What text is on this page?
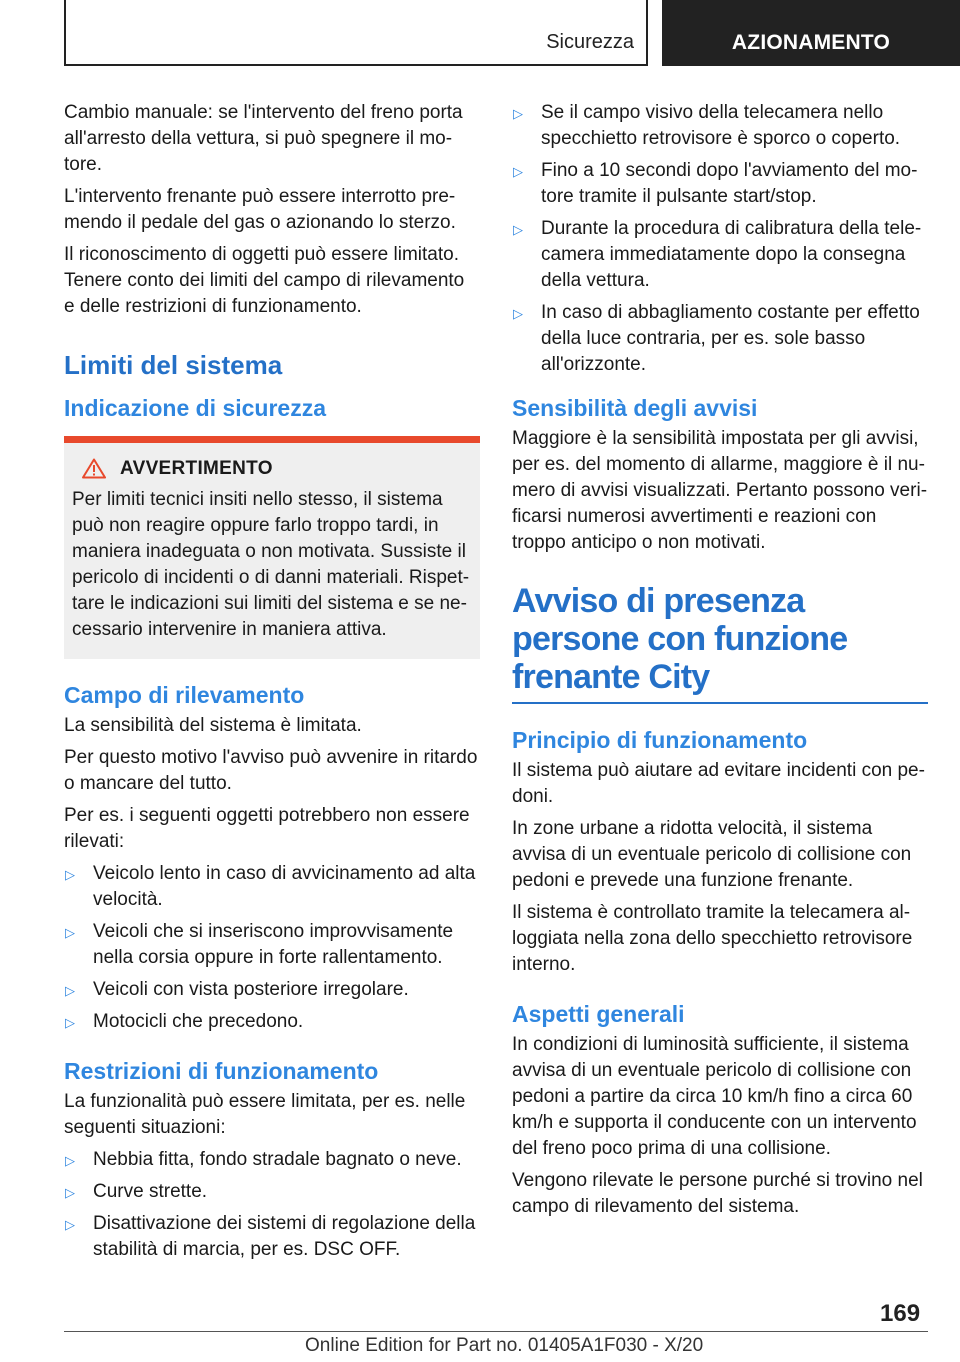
Sicurezza	AZIONAMENTO

Cambio manuale: se l'intervento del freno porta all'arresto della vettura, si può spegnere il motore.

L'intervento frenante può essere interrotto premendo il pedale del gas o azionando lo sterzo.

Il riconoscimento di oggetti può essere limitato. Tenere conto dei limiti del campo di rilevamento e delle restrizioni di funzionamento.

Limiti del sistema
Indicazione di sicurezza
AVVERTIMENTO

Per limiti tecnici insiti nello stesso, il sistema può non reagire oppure farlo troppo tardi, in maniera inadeguata o non motivata. Sussiste il pericolo di incidenti o di danni materiali. Rispettare le indicazioni sui limiti del sistema e se necessario intervenire in maniera attiva.

Campo di rilevamento

La sensibilità del sistema è limitata.

Per questo motivo l'avviso può avvenire in ritardo o mancare del tutto.

Per es. i seguenti oggetti potrebbero non essere rilevati:

▷ Veicolo lento in caso di avvicinamento ad alta velocità.
▷ Veicoli che si inseriscono improvvisamente nella corsia oppure in forte rallentamento.
▷ Veicoli con vista posteriore irregolare.
▷ Motocicli che precedono.
Restrizioni di funzionamento

La funzionalità può essere limitata, per es. nelle seguenti situazioni:

▷ Nebbia fitta, fondo stradale bagnato o neve.
▷ Curve strette.
▷ Disattivazione dei sistemi di regolazione della stabilità di marcia, per es. DSC OFF.
▷ Se il campo visivo della telecamera nello specchietto retrovisore è sporco o coperto.
▷ Fino a 10 secondi dopo l'avviamento del motore tramite il pulsante start/stop.
▷ Durante la procedura di calibratura della telecamera immediatamente dopo la consegna della vettura.
▷ In caso di abbagliamento costante per effetto della luce contraria, per es. sole basso all'orizzonte.
Sensibilità degli avvisi

Maggiore è la sensibilità impostata per gli avvisi, per es. del momento di allarme, maggiore è il numero di avvisi visualizzati. Pertanto possono verificarsi numerosi avvertimenti e reazioni con troppo anticipo o non motivati.

Avviso di presenza persone con funzione frenante City
Principio di funzionamento

Il sistema può aiutare ad evitare incidenti con pedoni.

In zone urbane a ridotta velocità, il sistema avvisa di un eventuale pericolo di collisione con pedoni e prevede una funzione frenante.

Il sistema è controllato tramite la telecamera alloggiata nella zona dello specchietto retrovisore interno.

Aspetti generali

In condizioni di luminosità sufficiente, il sistema avvisa di un eventuale pericolo di collisione con pedoni a partire da circa 10 km/h fino a circa 60 km/h e supporta il conducente con un intervento del freno poco prima di una collisione.

Vengono rilevate le persone purché si trovino nel campo di rilevamento del sistema.

169
Online Edition for Part no. 01405A1F030 - X/20
